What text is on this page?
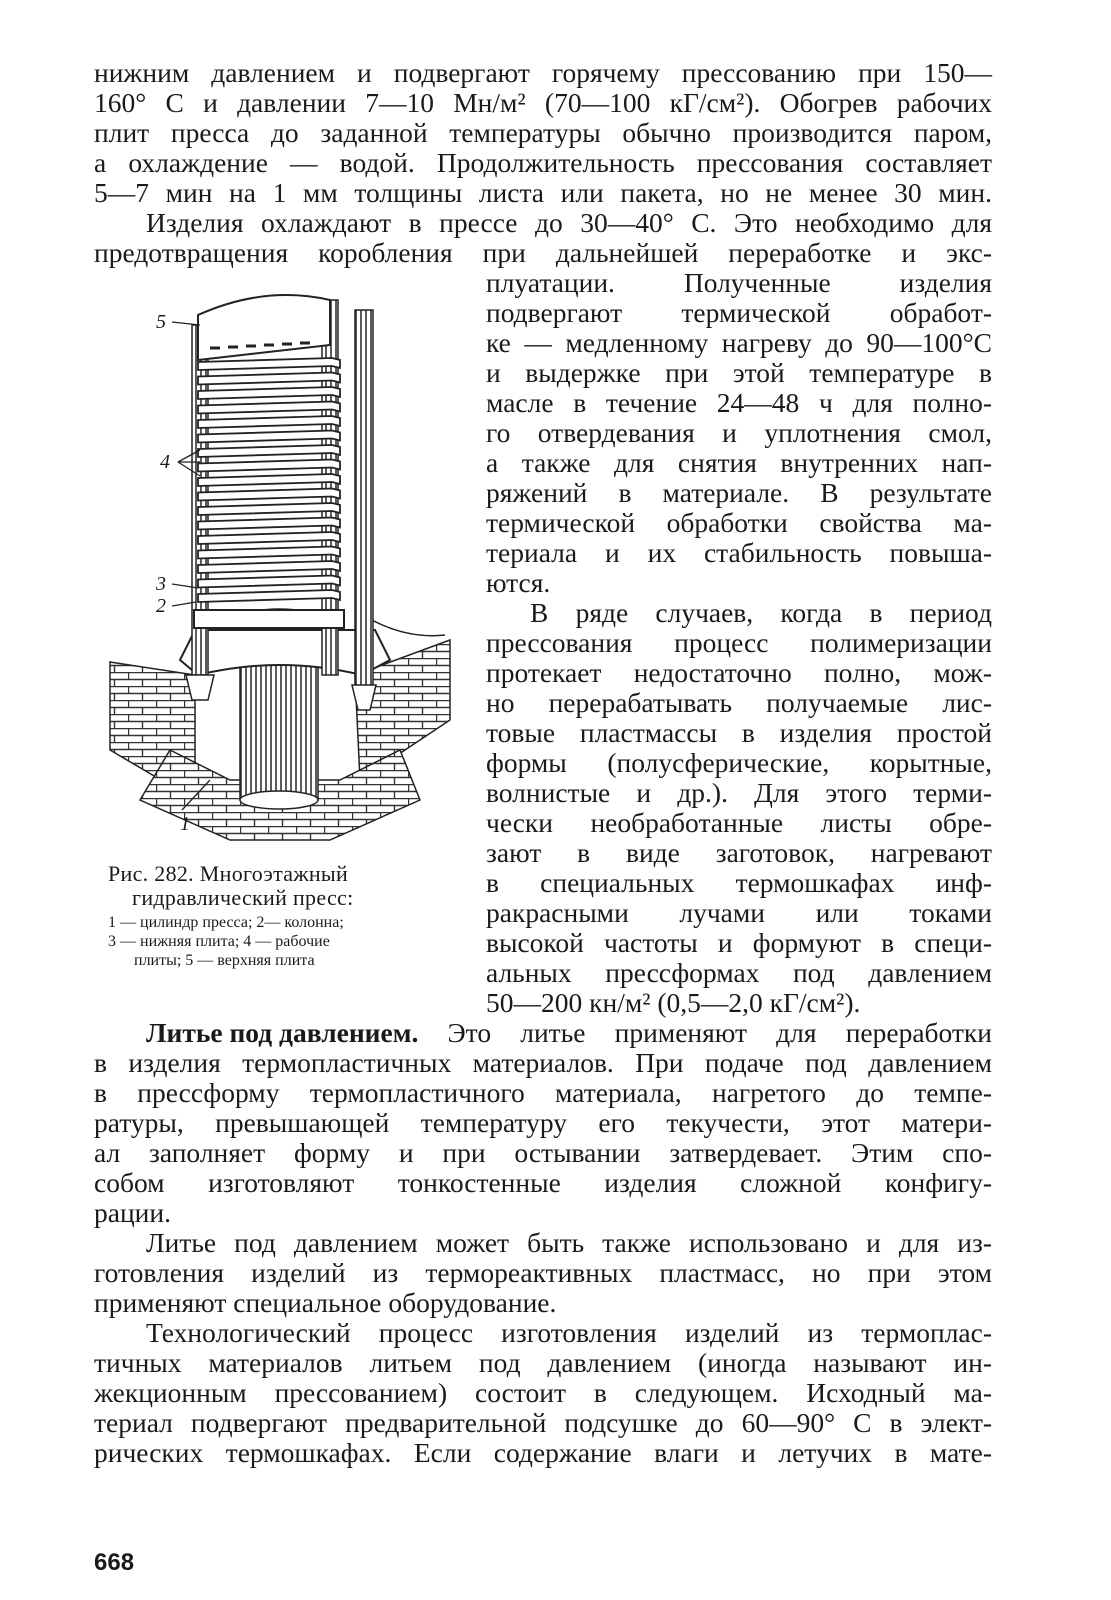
нижним давлением и подвергают горячему прессованию при 150—
160° С и давлении 7—10 Мн/м² (70—100 кГ/см²). Обогрев рабочих
плит пресса до заданной температуры обычно производится паром,
а охлаждение — водой. Продолжительность прессования составляет
5—7 мин на 1 мм толщины листа или пакета, но не менее 30 мин.
Изделия охлаждают в прессе до 30—40° С. Это необходимо для
предотвращения коробления при дальнейшей переработке и экс-
плуатации. Полученные изделия
подвергают термической обработ-
ке — медленному нагреву до 90—100°С
и выдержке при этой температуре в
масле в течение 24—48 ч для полно-
го отвердевания и уплотнения смол,
а также для снятия внутренних нап-
ряжений в материале. В результате
термической обработки свойства ма-
териала и их стабильность повыша-
ются.
В ряде случаев, когда в период
прессования процесс полимеризации
протекает недостаточно полно, мож-
но перерабатывать получаемые лис-
товые пластмассы в изделия простой
формы (полусферические, корытные,
волнистые и др.). Для этого терми-
чески необработанные листы обре-
зают в виде заготовок, нагревают
в специальных термошкафах инф-
ракрасными лучами или токами
высокой частоты и формуют в специ-
альных прессформах под давлением
50—200 кн/м² (0,5—2,0 кГ/см²).
5
4
3
2
1
Рис. 282. Многоэтажный
гидравлический пресс:
1 — цилиндр пресса; 2— колонна;
3 — нижняя плита; 4 — рабочие
плиты; 5 — верхняя плита
Литье под давлением. Это литье применяют для переработки
в изделия термопластичных материалов. При подаче под давлением
в прессформу термопластичного материала, нагретого до темпе-
ратуры, превышающей температуру его текучести, этот матери-
ал заполняет форму и при остывании затвердевает. Этим спо-
собом изготовляют тонкостенные изделия сложной конфигу-
рации.
Литье под давлением может быть также использовано и для из-
готовления изделий из термореактивных пластмасс, но при этом
применяют специальное оборудование.
Технологический процесс изготовления изделий из термоплас-
тичных материалов литьем под давлением (иногда называют ин-
жекционным прессованием) состоит в следующем. Исходный ма-
териал подвергают предварительной подсушке до 60—90° С в элект-
рических термошкафах. Если содержание влаги и летучих в мате-
668
